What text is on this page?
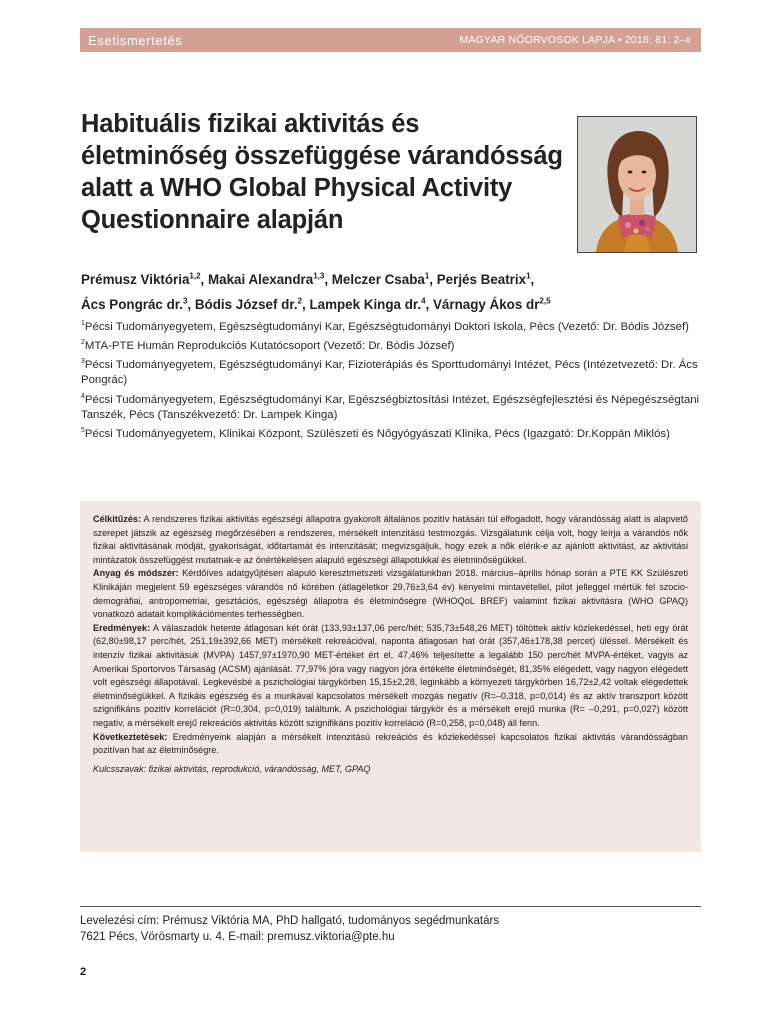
Esetismertetés	MAGYAR NŐORVOSOK LAPJA • 2018; 81: 2–x
Habituális fizikai aktivitás és életminőség összefüggése várandósság alatt a WHO Global Physical Activity Questionnaire alapján

Prémusz Viktória$^{1,2}$, Makai Alexandra$^{1,3}$, Melczer Csaba$^1$, Perjés Beatrix$^1$,
Ács Pongrác dr.$^3$, Bódis József dr.$^2$, Lampek Kinga dr.$^4$, Várnagy Ákos dr$^{2,5}$

$^1$Pécsi Tudományegyetem, Egészségtudományi Kar, Egészségtudományi Doktori Iskola, Pécs (Vezető: Dr. Bódis József)
$^2$MTA-PTE Humán Reprodukciós Kutatócsoport (Vezető: Dr. Bódis József)
$^3$Pécsi Tudományegyetem, Egészségtudományi Kar, Fizioterápiás és Sporttudományi Intézet, Pécs (Intézetvezető: Dr. Ács Pongrác)
$^4$Pécsi Tudományegyetem, Egészségtudományi Kar, Egészségbiztosítási Intézet, Egészségfejlesztési és Népegészségtani Tanszék, Pécs (Tanszékvezető: Dr. Lampek Kinga)
$^5$Pécsi Tudományegyetem, Klinikai Központ, Szülészeti és Nőgyógyászati Klinika, Pécs (Igazgató: Dr.Koppán Miklós)

Célkitűzés: A rendszeres fizikai aktivitás egészségi állapotra gyakorolt általános pozitív hatásán túl elfogadott, hogy várandósság alatt is alapvető szerepet játszik az egészség megőrzésében a rendszeres, mérsékelt intenzitású testmozgás. Vizsgálatunk célja volt, hogy leírja a várandós nők fizikai aktivitásának módját, gyakoriságát, időtartamát és intenzitását; megvizsgáljuk, hogy ezek a nők elérik-e az ajánlott aktivitást, az aktivitási mintázatok összefüggést mutatnak-e az önértékelésen alapuló egészségi állapotukkal és életminőségükkel.

Anyag és módszer: Kérdőíves adatgyűjtésen alapuló keresztmetszeti vizsgálatunkban 2018. március–április hónap során a PTE KK Szülészeti Klinikáján megjelent 59 egészséges várandós nő körében (átlagéletkor 29,76±3,64 év) kényelmi mintavétellel, pilot jelleggel mértük fel szocio-demográfiai, antropometriai, gesztációs, egészségi állapotra és életminőségre (WHOQoL BREF) valamint fizikai aktivitásra (WHO GPAQ) vonatkozó adatait komplikációmentes terhességben.

Eredmények: A válaszadók hetente átlagosan két órát (133,93±137,06 perc/hét; 535,73±548,26 MET) töltöttek aktív közlekedéssel, heti egy órát (62,80±98,17 perc/hét, 251,19±392,66 MET) mérsékelt rekreációval, naponta átlagosan hat órát (357,46±178,38 percet) üléssel. Mérsékelt és intenzív fizikai aktivitásuk (MVPA) 1457,97±1970,90 MET-értéket ért el, 47,46% teljesítette a legalább 150 perc/hét MVPA-értéket, vagyis az Amerikai Sportorvos Társaság (ACSM) ajánlását. 77,97% jóra vagy nagyon jóra értékelte életminőségét, 81,35% elégedett, vagy nagyon elégedett volt egészségi állapotával. Legkevésbé a pszichológiai tárgykörben 15,15±2,28, leginkább a környezeti tárgykörben 16,72±2,42 voltak elégedettek életminőségükkel. A fizikáis egészség és a munkával kapcsolatos mérsékelt mozgás negatív (R=–0,318, p=0,014) és az aktív transzport között szignifikáns pozitív korrelációt (R=0,304, p=0,019) találtunk. A pszichológiai tárgykör és a mérsékelt erejű munka (R= –0,291, p=0,027) között negatív, a mérsékelt erejű rekreációs aktivitás között szignifikáns pozitív korreláció (R=0,258, p=0,048) áll fenn.

Következtetések: Eredményeink alapján a mérsékelt intenzitású rekreációs és közlekedéssel kapcsolatos fizikai aktivitás várandósságban pozitívan hat az életminőségre.

Kulcsszavak: fizikai aktivitás, reprodukció, várandósság, MET, GPAQ

Levelezési cím: Prémusz Viktória MA, PhD hallgató, tudományos segédmunkatárs
7621 Pécs, Vörösmarty u. 4. E-mail: premusz.viktoria@pte.hu

2
